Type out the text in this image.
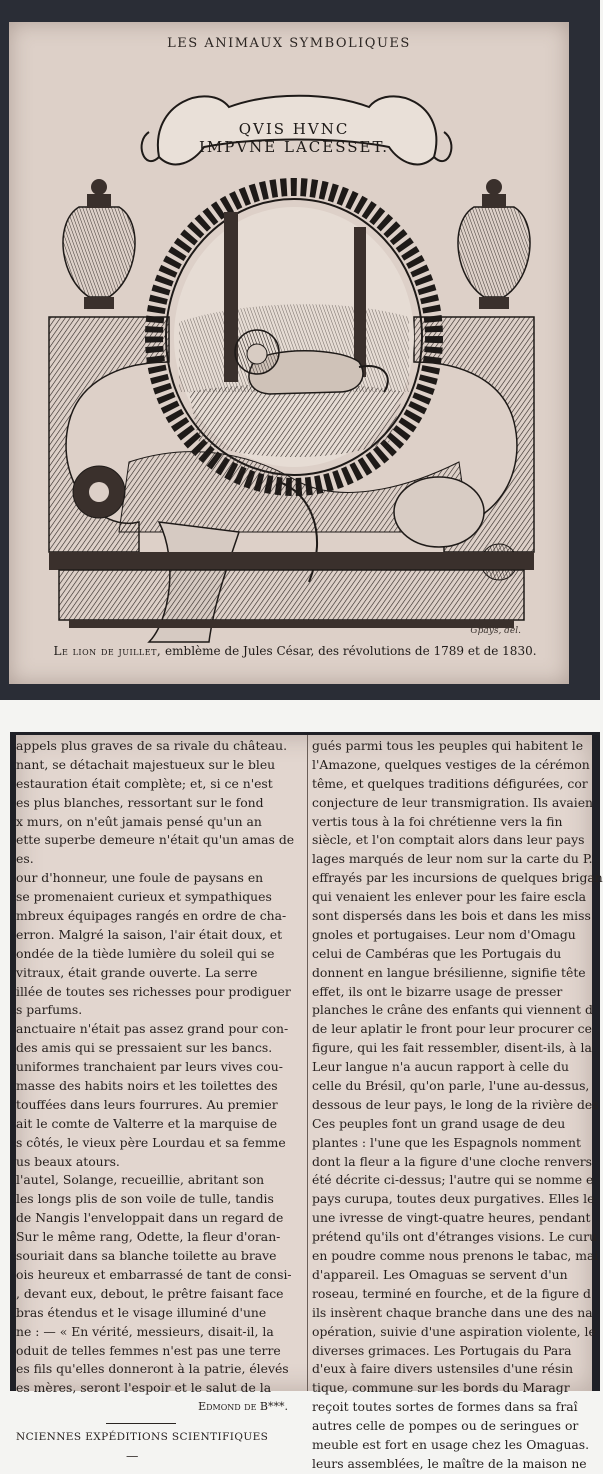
LES ANIMAUX SYMBOLIQUES
QVIS HVNC
IMPVNE LACESSET.
Gpays, del.
Le lion de juillet, emblème de Jules César, des révolutions de 1789 et de 1830.
appels plus graves de sa rivale du château.
nant, se détachait majestueux sur le bleu
estauration était complète; et, si ce n'est
es plus blanches, ressortant sur le fond
x murs, on n'eût jamais pensé qu'un an
ette superbe demeure n'était qu'un amas de
es.
our d'honneur, une foule de paysans en
se promenaient curieux et sympathiques
mbreux équipages rangés en ordre de cha-
erron. Malgré la saison, l'air était doux, et
ondée de la tiède lumière du soleil qui se
vitraux, était grande ouverte. La serre
illée de toutes ses richesses pour prodiguer
s parfums.
anctuaire n'était pas assez grand pour con-
des amis qui se pressaient sur les bancs.
uniformes tranchaient par leurs vives cou-
masse des habits noirs et les toilettes des
touffées dans leurs fourrures. Au premier
ait le comte de Valterre et la marquise de
s côtés, le vieux père Lourdau et sa femme
us beaux atours.
l'autel, Solange, recueillie, abritant son
les longs plis de son voile de tulle, tandis
de Nangis l'enveloppait dans un regard de
Sur le même rang, Odette, la fleur d'oran-
souriait dans sa blanche toilette au brave
ois heureux et embarrassé de tant de consi-
, devant eux, debout, le prêtre faisant face
bras étendus et le visage illuminé d'une
ne : — « En vérité, messieurs, disait-il, la
oduit de telles femmes n'est pas une terre
es fils qu'elles donneront à la patrie, élevés
es mères, seront l'espoir et le salut de la
Edmond de B***.
NCIENNES EXPÉDITIONS SCIENTIFIQUES
—
gués parmi tous les peuples qui habitent le
l'Amazone, quelques vestiges de la cérémon
tême, et quelques traditions défigurées, cor
conjecture de leur transmigration. Ils avaien
vertis tous à la foi chrétienne vers la fin
siècle, et l'on comptait alors dans leur pays
lages marqués de leur nom sur la carte du P.
effrayés par les incursions de quelques brigan
qui venaient les enlever pour les faire escla
sont dispersés dans les bois et dans les miss
gnoles et portugaises. Leur nom d'Omagu
celui de Cambéras que les Portugais du
donnent en langue brésilienne, signifie tête
effet, ils ont le bizarre usage de presser
planches le crâne des enfants qui viennent d
de leur aplatir le front pour leur procurer ce
figure, qui les fait ressembler, disent-ils, à la
Leur langue n'a aucun rapport à celle du
celle du Brésil, qu'on parle, l'une au-dessus,
dessous de leur pays, le long de la rivière des
Ces peuples font un grand usage de deu
plantes : l'une que les Espagnols nomment
dont la fleur a la figure d'une cloche renvers
été décrite ci-dessus; l'autre qui se nomme e
pays curupa, toutes deux purgatives. Elles le
une ivresse de vingt-quatre heures, pendant
prétend qu'ils ont d'étranges visions. Le curu
en poudre comme nous prenons le tabac, mai
d'appareil. Les Omaguas se servent d'un
roseau, terminé en fourche, et de la figure d
ils insèrent chaque branche dans une des na
opération, suivie d'une aspiration violente, le
diverses grimaces. Les Portugais du Para
d'eux à faire divers ustensiles d'une résin
tique, commune sur les bords du Maragr
reçoit toutes sortes de formes dans sa fraî
autres celle de pompes ou de seringues or
meuble est fort en usage chez les Omaguas.
leurs assemblées, le maître de la maison ne
